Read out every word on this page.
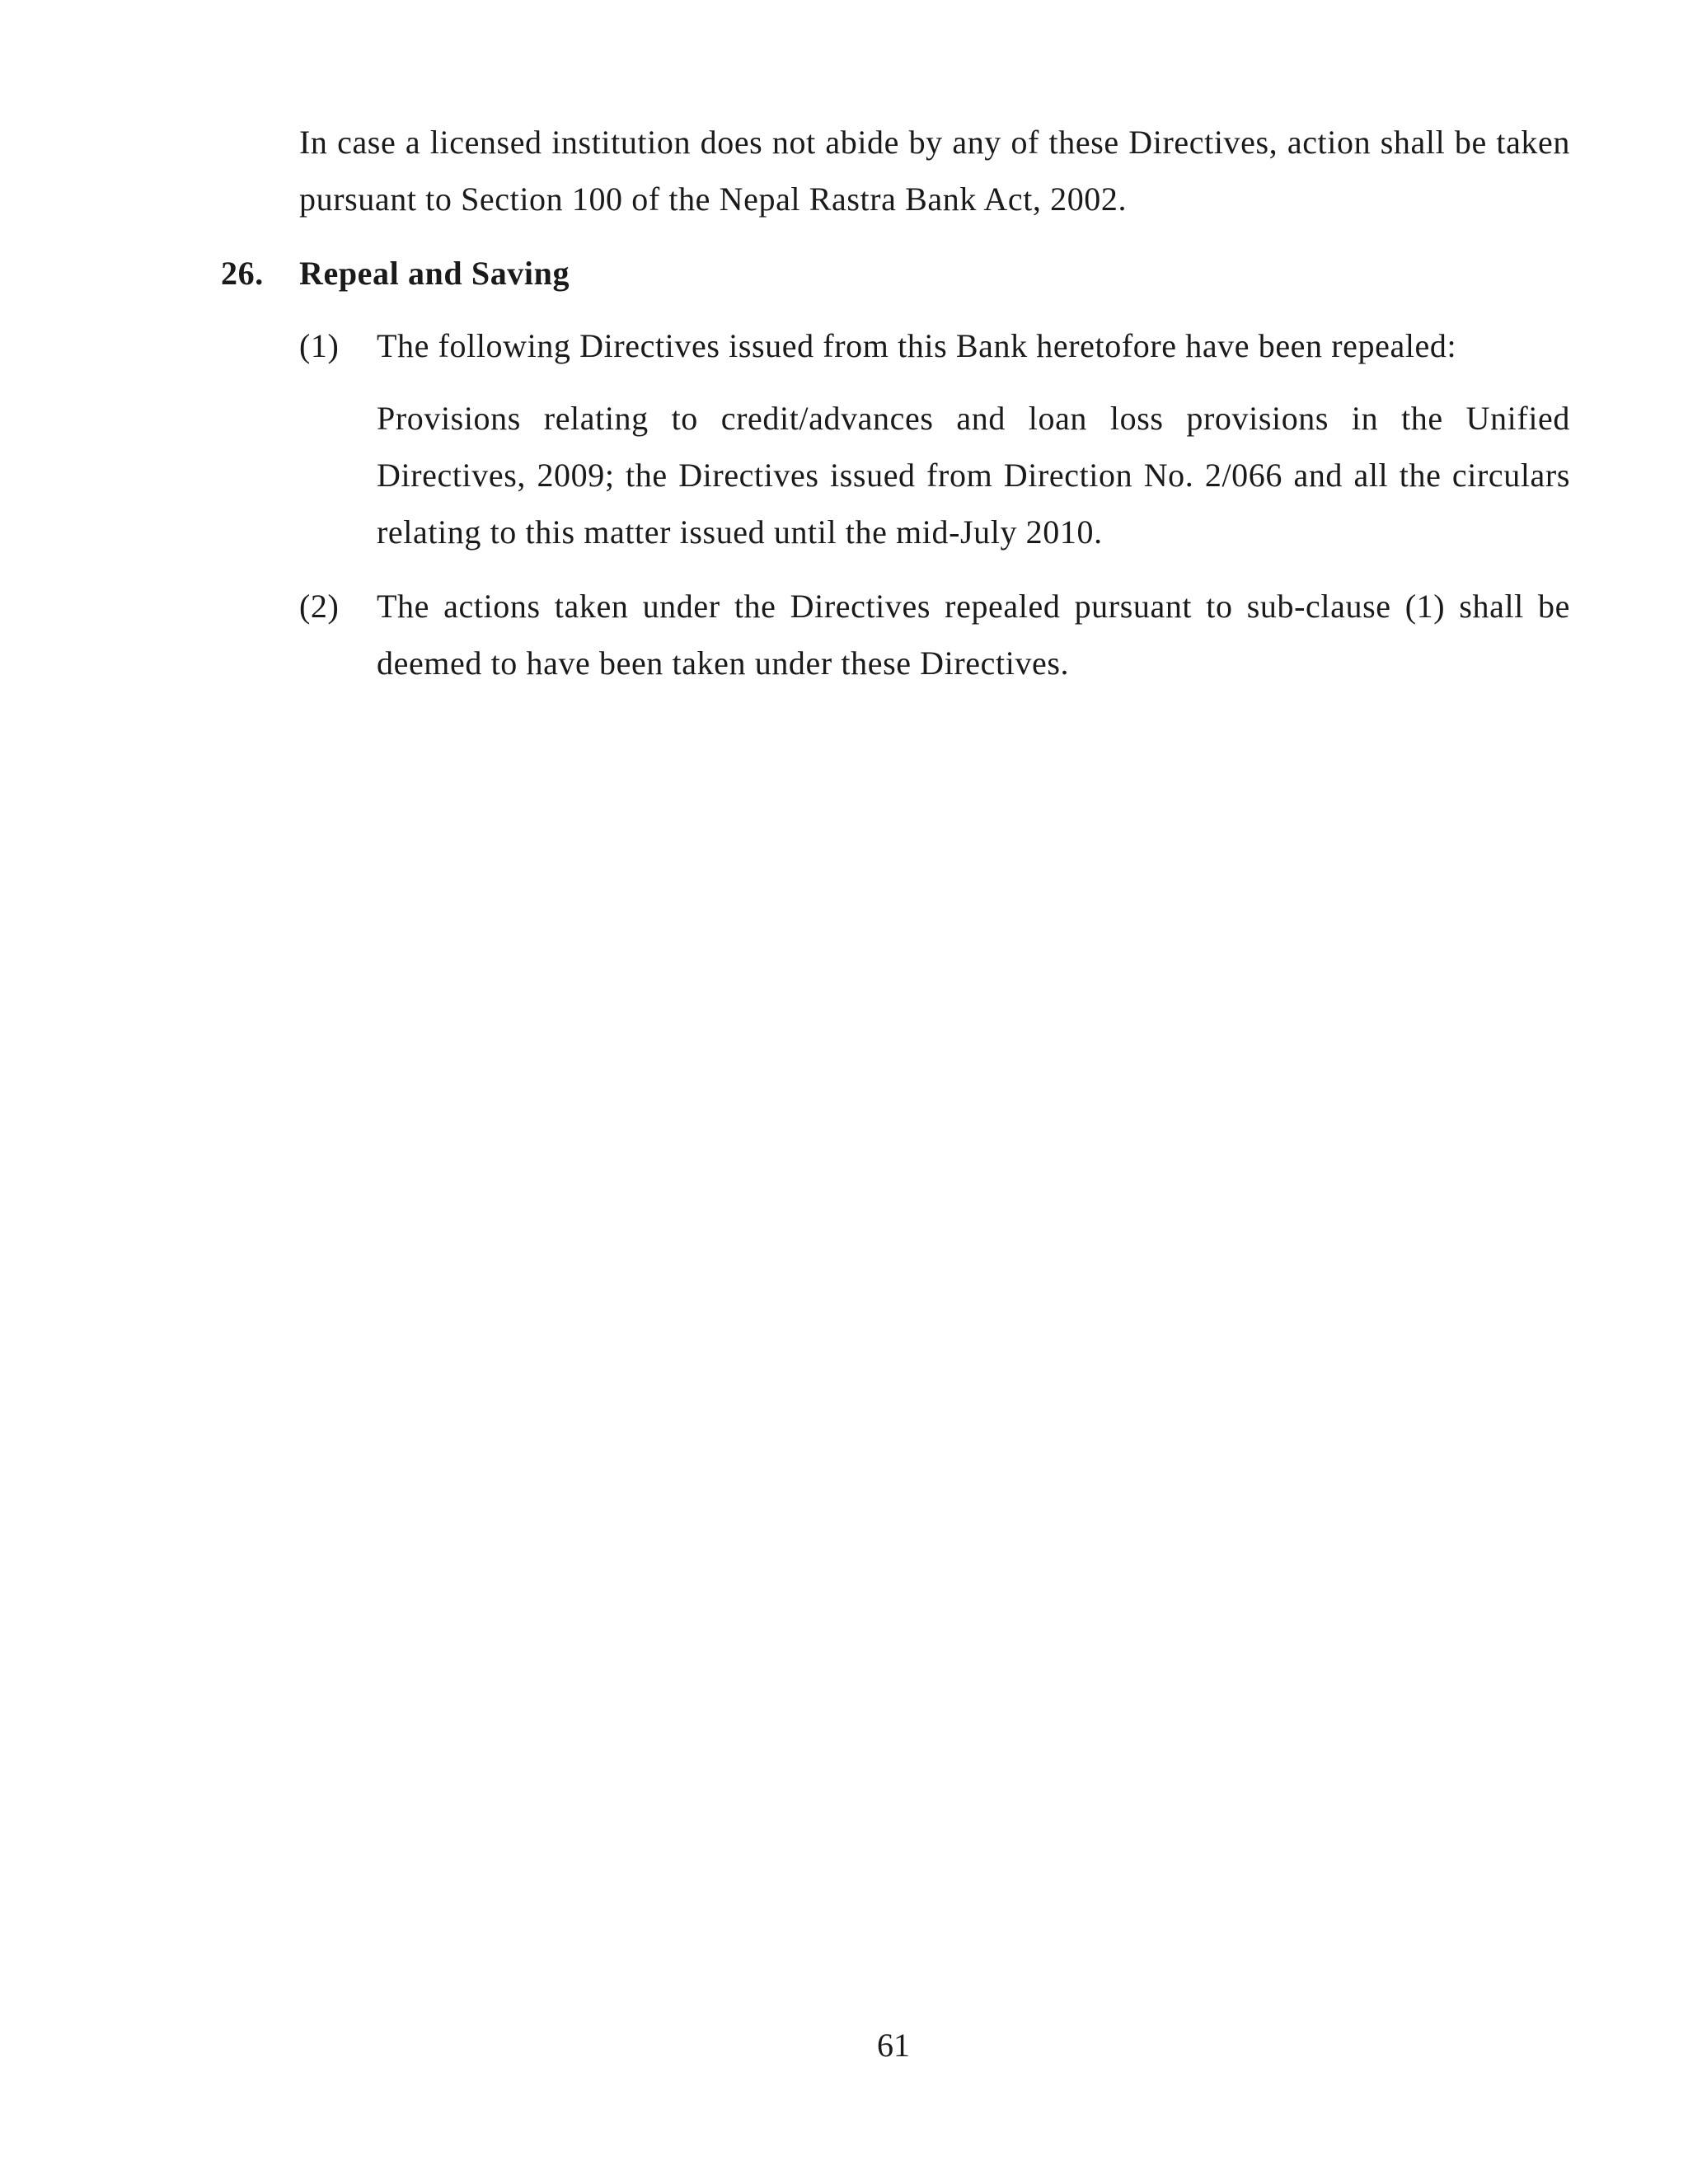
In case a licensed institution does not abide by any of these Directives, action shall be taken pursuant to Section 100 of the Nepal Rastra Bank Act, 2002.

26. Repeal and Saving

(1) The following Directives issued from this Bank heretofore have been repealed:

Provisions relating to credit/advances and loan loss provisions in the Unified Directives, 2009; the Directives issued from Direction No. 2/066 and all the circulars relating to this matter issued until the mid-July 2010.

(2) The actions taken under the Directives repealed pursuant to sub-clause (1) shall be deemed to have been taken under these Directives.

61
